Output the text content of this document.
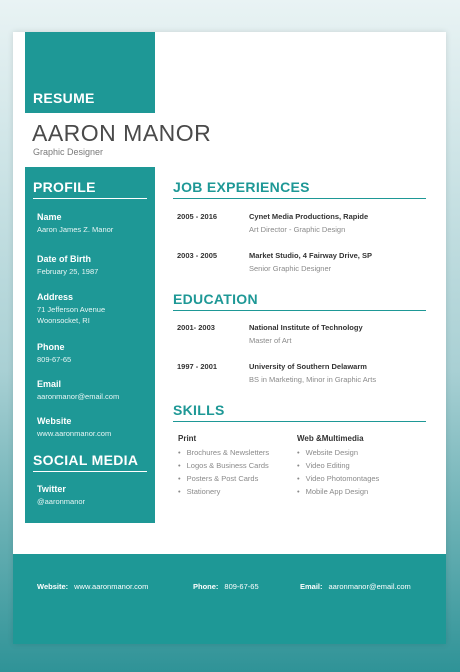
RESUME
AARON MANOR
Graphic Designer
PROFILE
Name
Aaron James Z. Manor
Date of Birth
February 25, 1987
Address
71 Jefferson Avenue
Woonsocket, RI
Phone
809-67-65
Email
aaronmanor@email.com
Website
www.aaronmanor.com
SOCIAL MEDIA
Twitter
@aaronmanor
JOB EXPERIENCES
2005 - 2016	Cynet Media Productions, Rapide
Art Director - Graphic Design
2003 - 2005	Market Studio, 4 Fairway Drive, SP
Senior Graphic Designer
EDUCATION
2001- 2003	National Institute of Technology
Master of Art
1997 - 2001	University of Southern Delawarm
BS in Marketing, Minor in Graphic Arts
SKILLS
Print
• Brochures & Newsletters
• Logos & Business Cards
• Posters & Post Cards
• Stationery
Web &Multimedia
• Website Design
• Video Editing
• Video Photomontages
• Mobile App Design
Website: www.aaronmanor.com	Phone: 809-67-65	Email: aaronmanor@email.com
